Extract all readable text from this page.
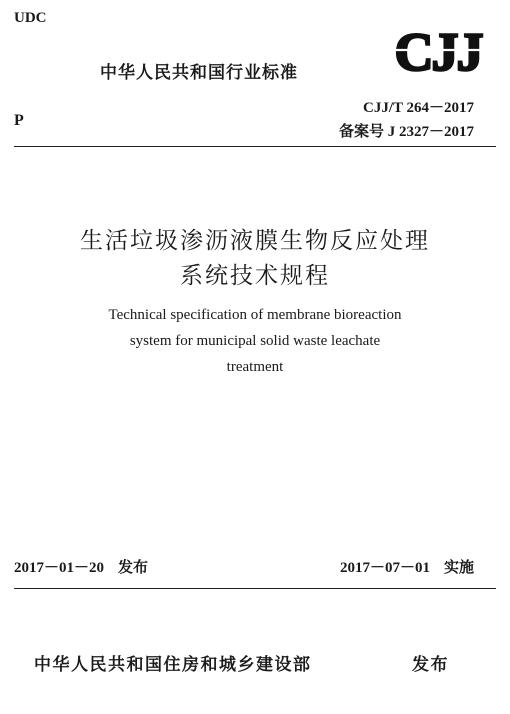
UDC
中华人民共和国行业标准 CJJ
P
CJJ/T 264－2017
备案号 J 2327－2017
生活垃圾渗沥液膜生物反应处理
系统技术规程
Technical specification of membrane bioreaction
system for municipal solid waste leachate
treatment
2017－01－20 发布	2017－07－01 实施
中华人民共和国住房和城乡建设部	发布
